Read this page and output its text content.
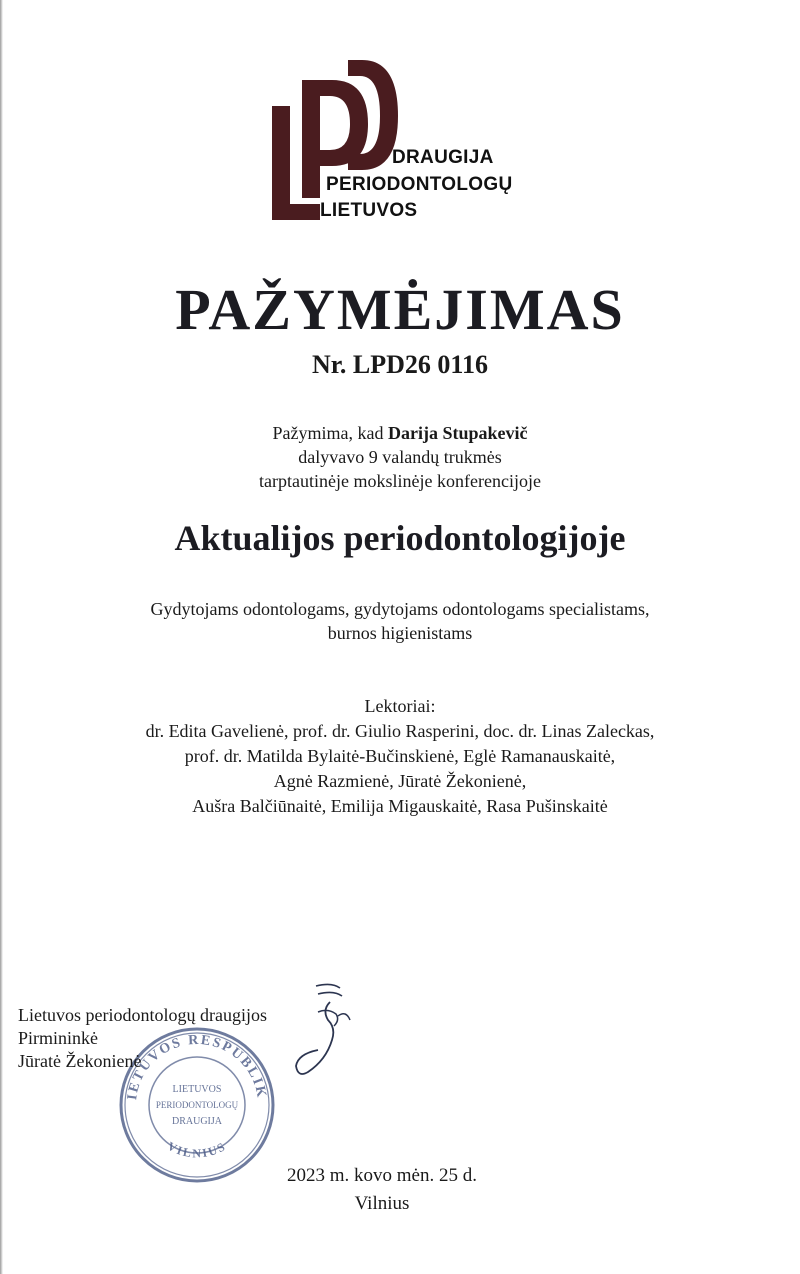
DRAUGIJA
PERIODONTOLOGŲ
LIETUVOS
PAŽYMĖJIMAS
Nr. LPD26 0116
Pažymima, kad Darija Stupakevič
dalyvavo 9 valandų trukmės
tarptautinėje mokslinėje konferencijoje
Aktualijos periodontologijoje
Gydytojams odontologams, gydytojams odontologams specialistams,
burnos higienistams
Lektoriai:
dr. Edita Gavelienė, prof. dr. Giulio Rasperini, doc. dr. Linas Zaleckas,
prof. dr. Matilda Bylaitė-Bučinskienė, Eglė Ramanauskaitė,
Agnė Razmienė, Jūratė Žekonienė,
Aušra Balčiūnaitė, Emilija Migauskaitė, Rasa Pušinskaitė
IETUVOS RESPUBLIK
VILNIUS
LIETUVOS
PERIODONTOLOGŲ
DRAUGIJA
Lietuvos periodontologų draugijos
Pirmininkė
Jūratė Žekonienė
2023 m. kovo mėn. 25 d.
Vilnius
